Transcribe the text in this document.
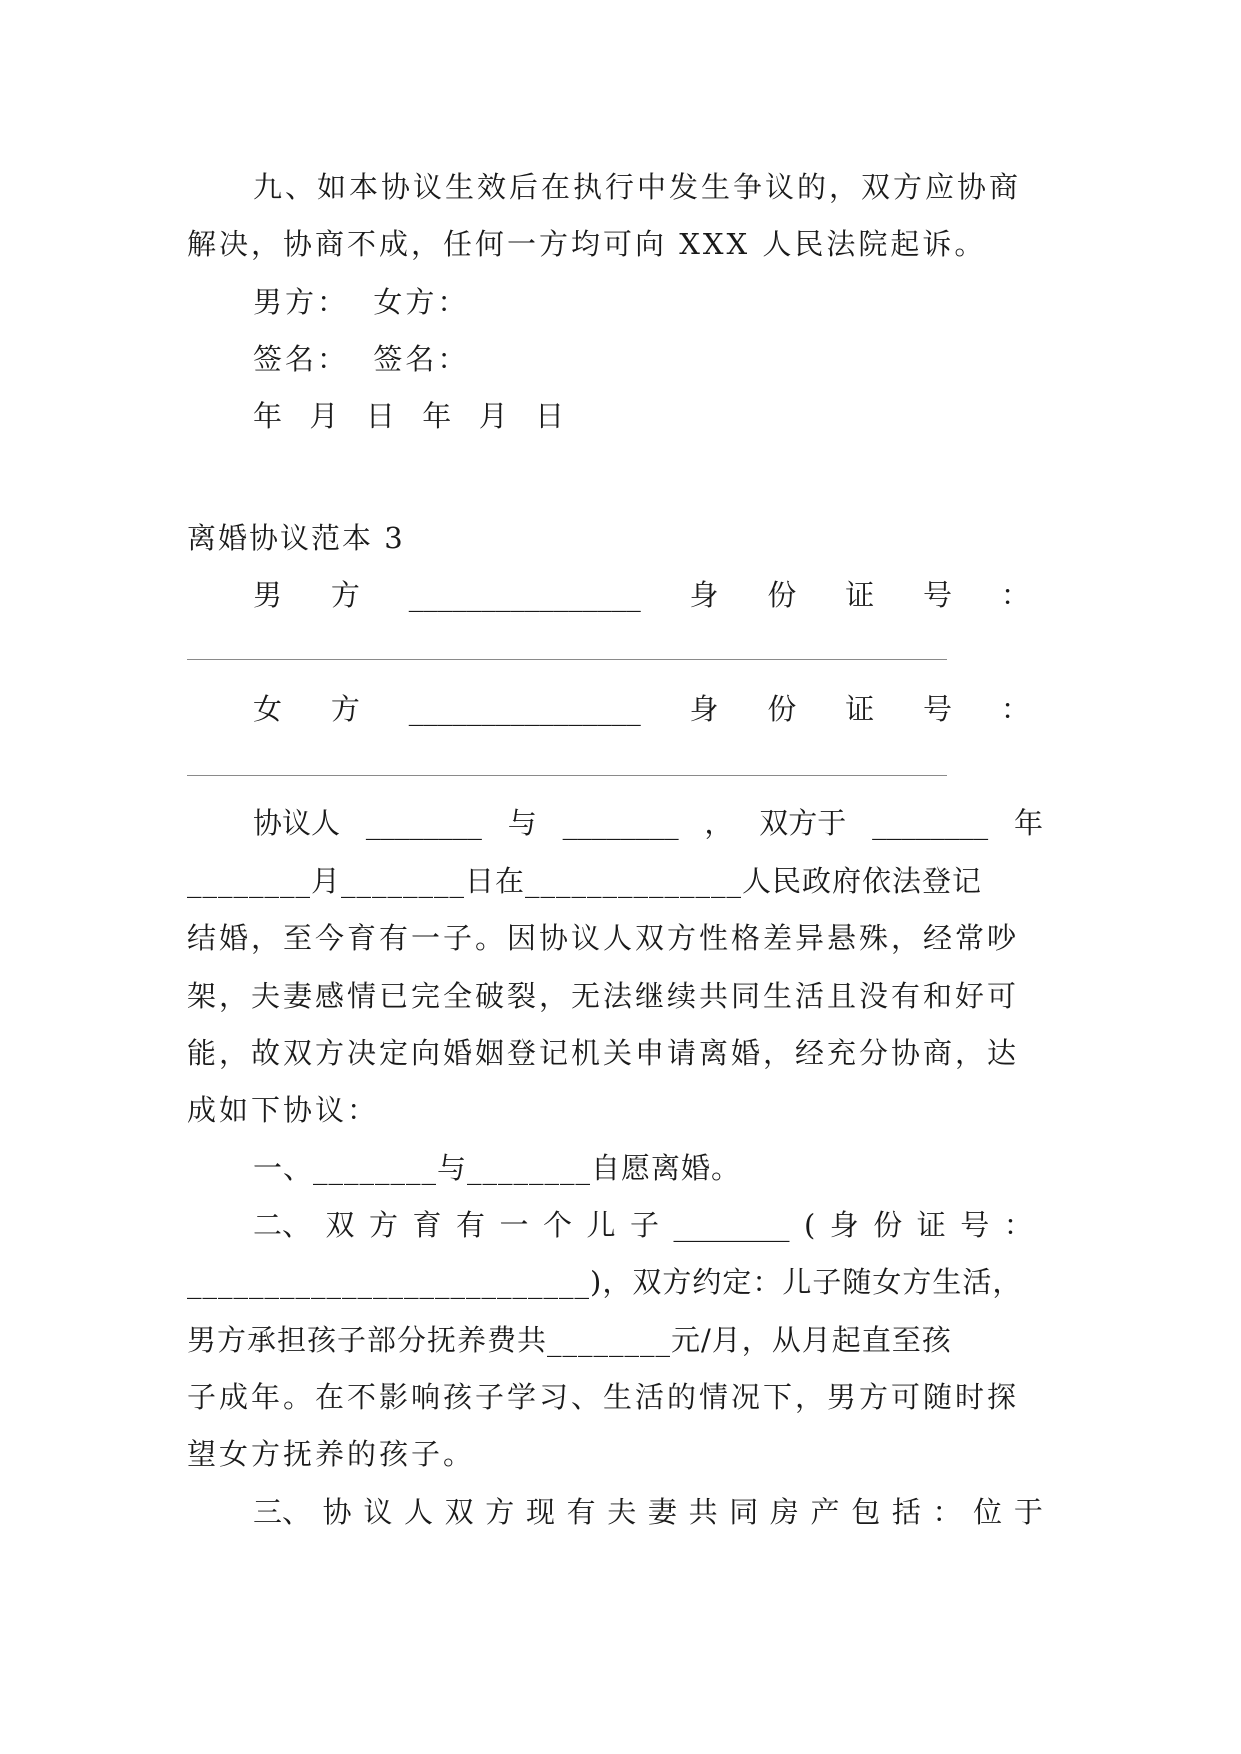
九、如本协议生效后在执行中发生争议的，双方应协商
解决，协商不成，任何一方均可向 XXX 人民法院起诉。
男方：  女方：
签名：  签名：
年  月  日  年  月  日
离婚协议范本 3
男 方 ________________ 身 份 证 号 ：
女 方 ________________ 身 份 证 号 ：
协议人 ________ 与 ________ ， 双方于 ________ 年
________月________日在______________人民政府依法登记
结婚，至今育有一子。因协议人双方性格差异悬殊，经常吵
架，夫妻感情已完全破裂，无法继续共同生活且没有和好可
能，故双方决定向婚姻登记机关申请离婚，经充分协商，达
成如下协议：
一、________与________自愿离婚。
二、 双 方 育 有 一 个 儿 子 ________ ( 身 份 证 号 ：
__________________________)，双方约定：儿子随女方生活，
男方承担孩子部分抚养费共________元/月，从月起直至孩
子成年。在不影响孩子学习、生活的情况下，男方可随时探
望女方抚养的孩子。
三、 协 议 人 双 方 现 有 夫 妻 共 同 房 产 包 括 ： 位 于
